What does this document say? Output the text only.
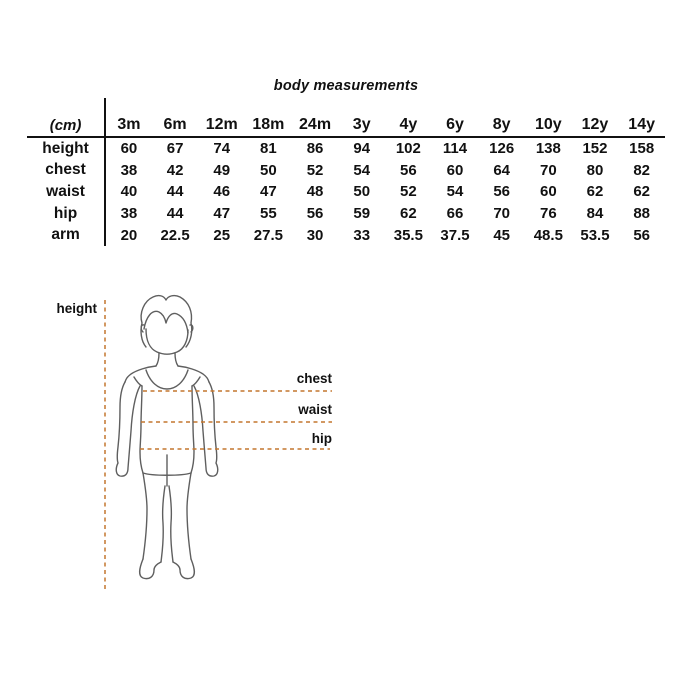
body measurements
(cm)	3m	6m	12m	18m	24m	3y	4y	6y	8y	10y	12y	14y
height	60	67	74	81	86	94	102	114	126	138	152	158
chest	38	42	49	50	52	54	56	60	64	70	80	82
waist	40	44	46	47	48	50	52	54	56	60	62	62
hip	38	44	47	55	56	59	62	66	70	76	84	88
arm	20	22.5	25	27.5	30	33	35.5	37.5	45	48.5	53.5	56
height
chest
waist
hip
